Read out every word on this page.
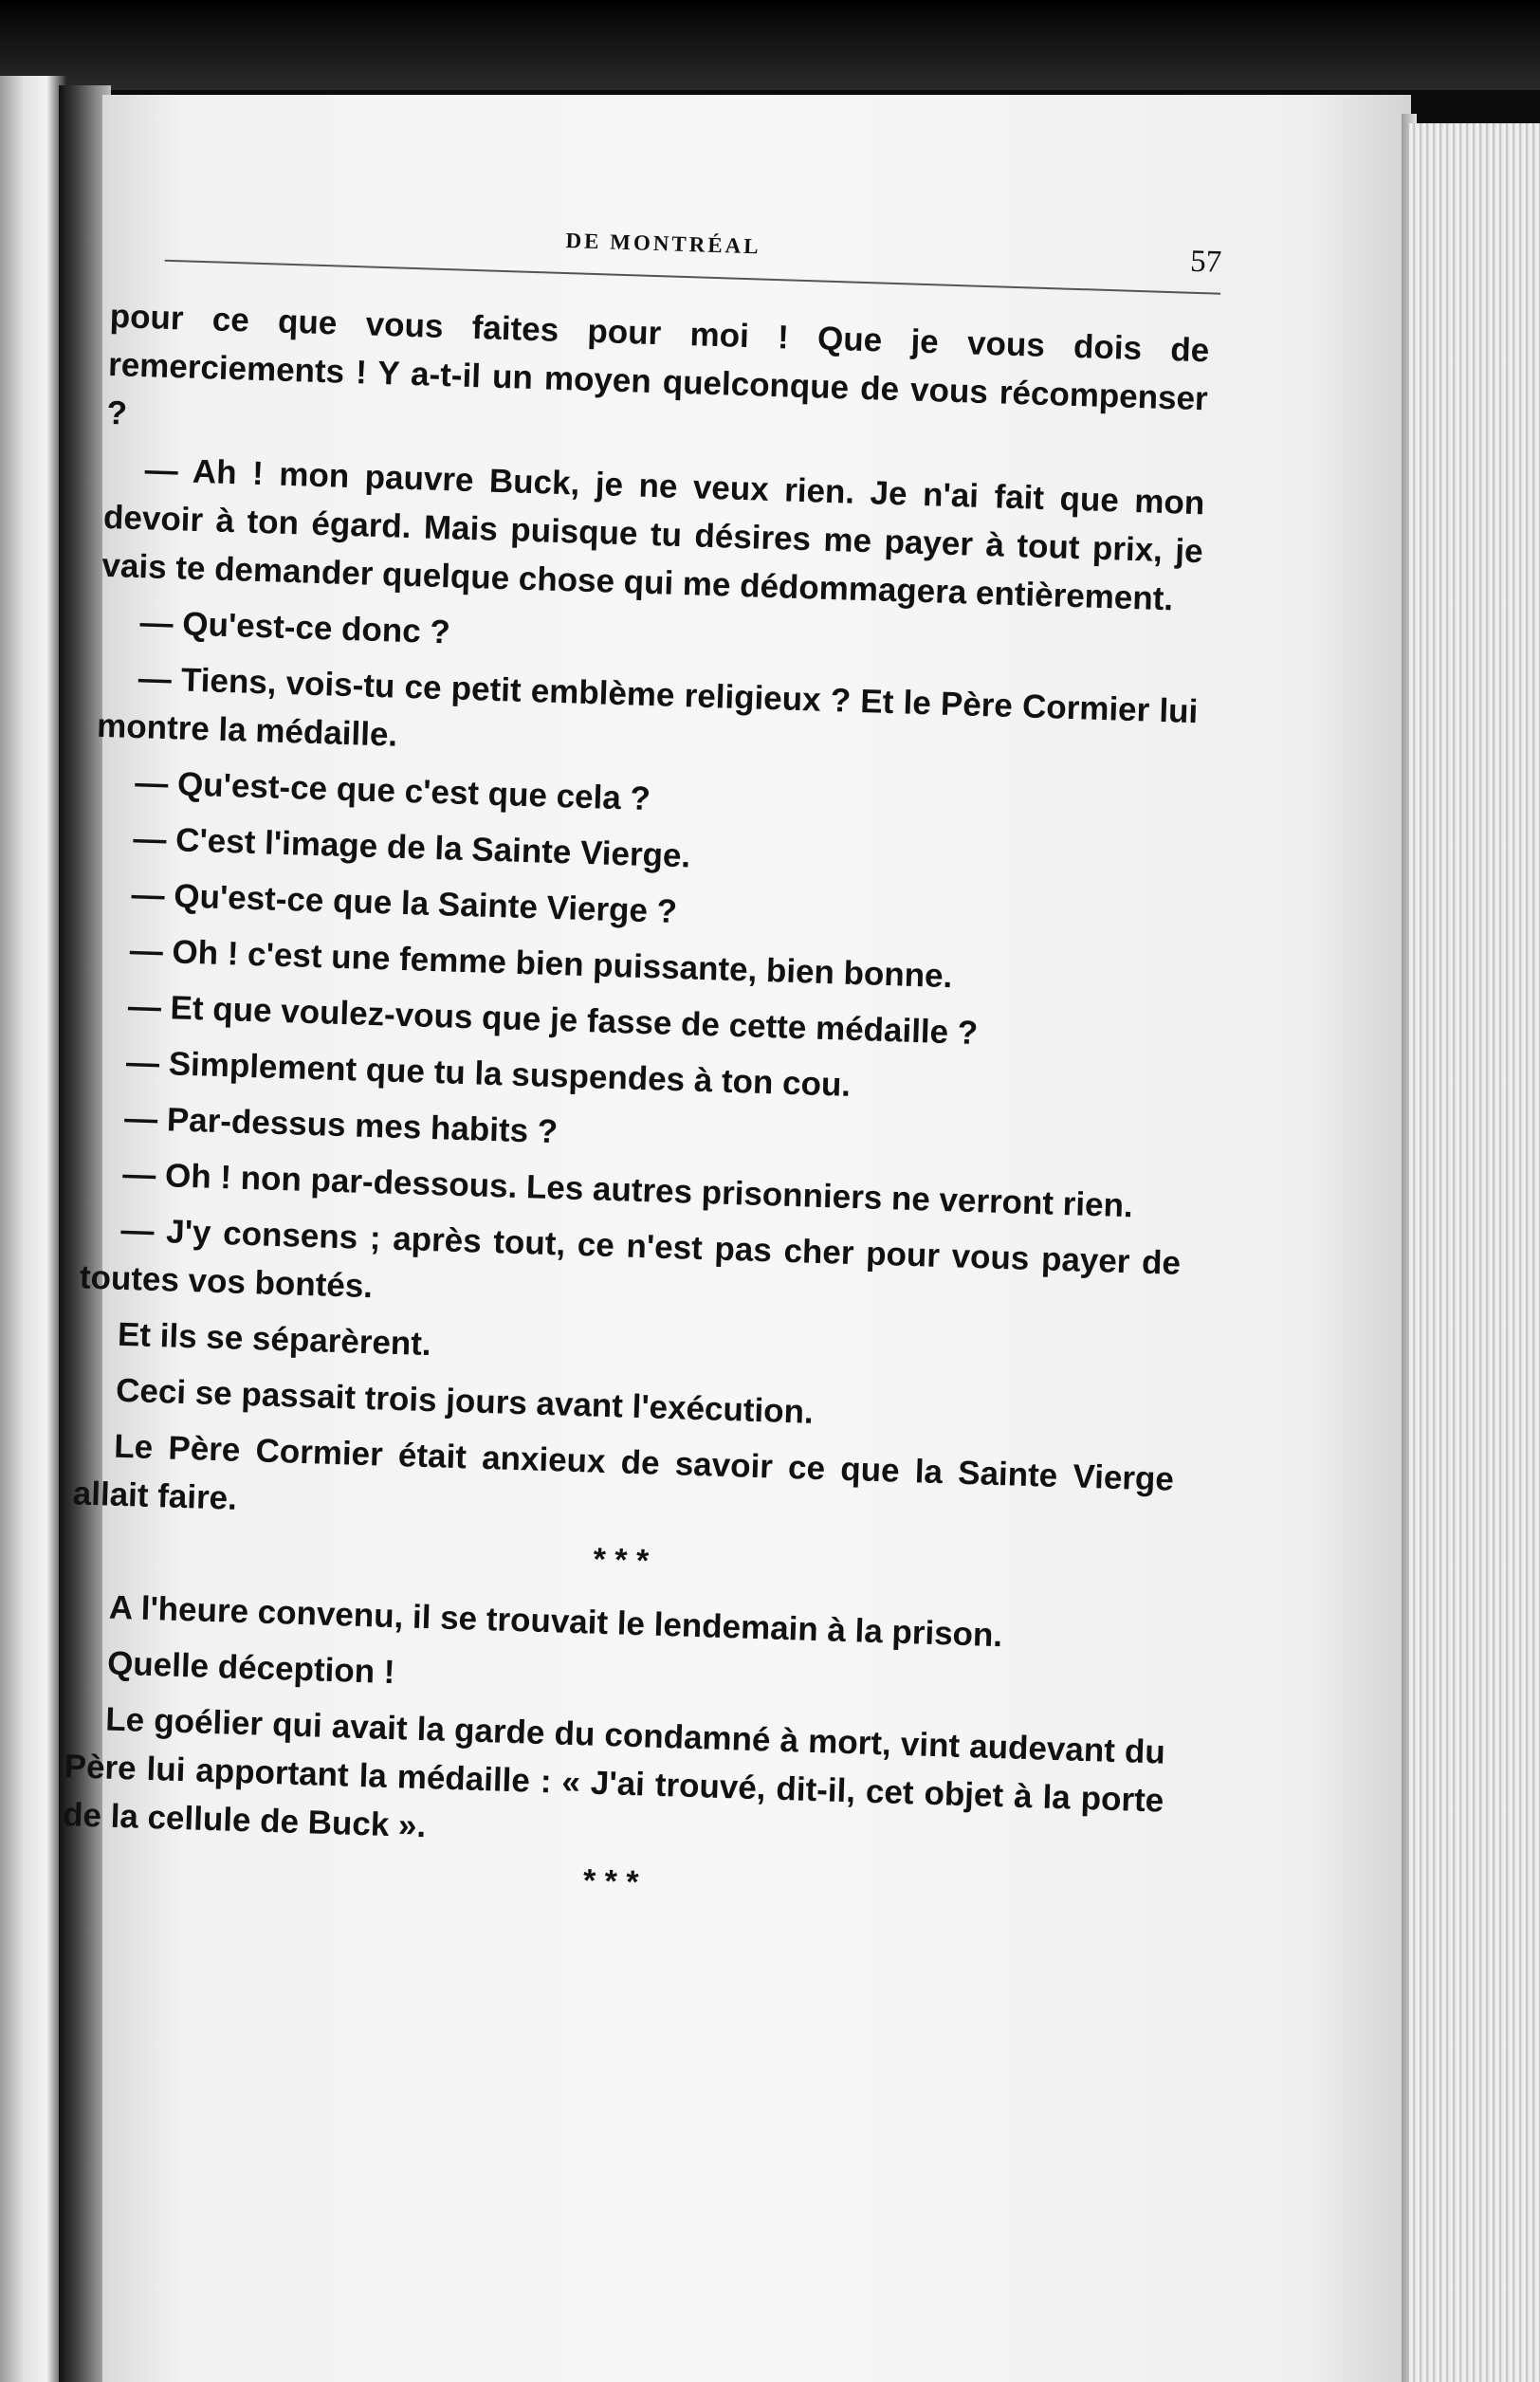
DE MONTRÉAL
57

pour ce que vous faites pour moi ! Que je vous dois de remerciements ! Y a-t-il un moyen quelconque de vous récompenser ?

— Ah ! mon pauvre Buck, je ne veux rien. Je n'ai fait que mon devoir à ton égard. Mais puisque tu désires me payer à tout prix, je vais te demander quelque chose qui me dédommagera entièrement.

— Qu'est-ce donc ?

— Tiens, vois-tu ce petit emblème religieux ? Et le Père Cormier lui montre la médaille.

— Qu'est-ce que c'est que cela ?

— C'est l'image de la Sainte Vierge.

— Qu'est-ce que la Sainte Vierge ?

— Oh ! c'est une femme bien puissante, bien bonne.

— Et que voulez-vous que je fasse de cette médaille ?

— Simplement que tu la suspendes à ton cou.

— Par-dessus mes habits ?

— Oh ! non par-dessous. Les autres prisonniers ne verront rien.

— J'y consens ; après tout, ce n'est pas cher pour vous payer de toutes vos bontés.

Et ils se séparèrent.

Ceci se passait trois jours avant l'exécution.

Le Père Cormier était anxieux de savoir ce que la Sainte Vierge allait faire.

* * *

A l'heure convenu, il se trouvait le lendemain à la prison.

Quelle déception !

Le goélier qui avait la garde du condamné à mort, vint audevant du Père lui apportant la médaille : « J'ai trouvé, dit-il, cet objet à la porte de la cellule de Buck ».

* * *
